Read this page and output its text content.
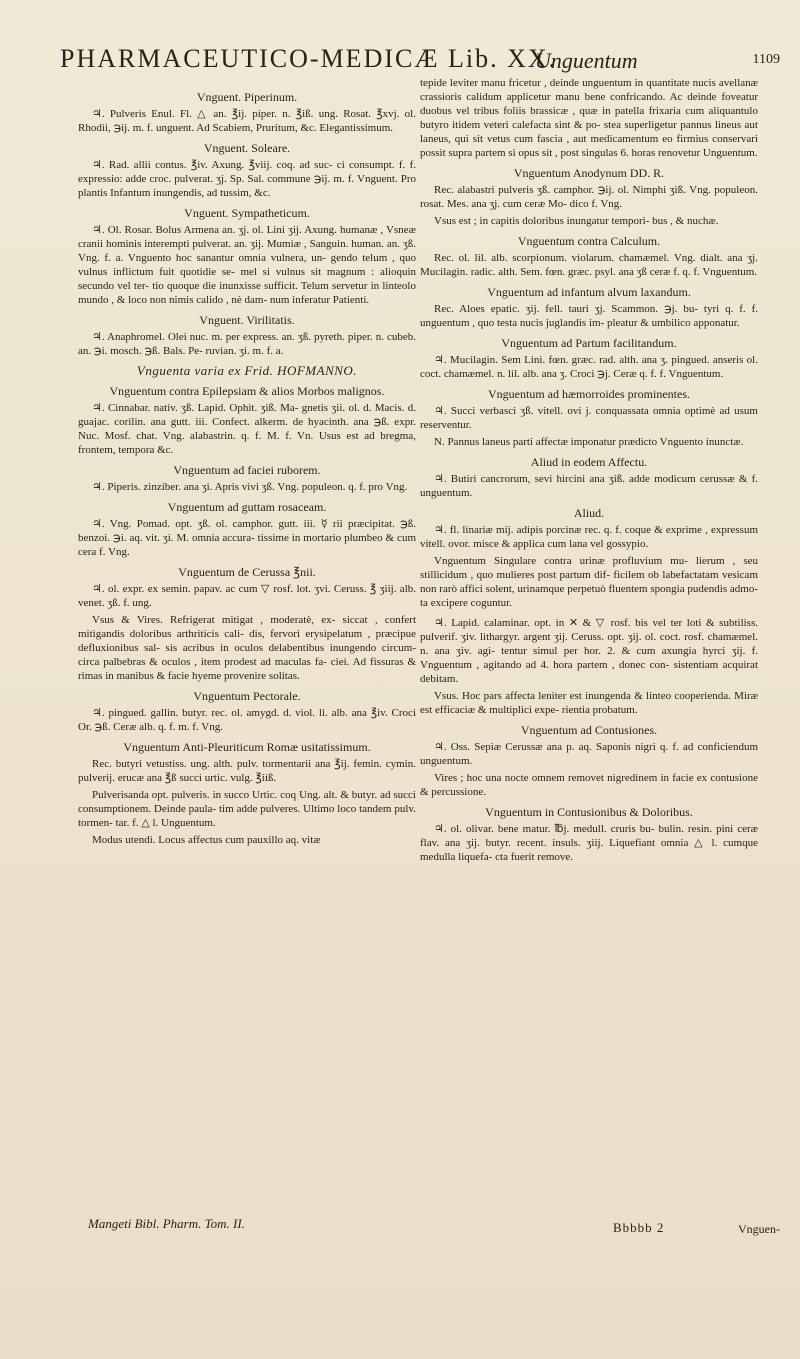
PHARMACEUTICO-MEDICÆ Lib. XX.
Unguentum	1109
Vnguent. Piperinum.

♃. Pulveris Enul. Fl. △ an. ℥ij. piper. n. ℥iß. ung. Rosat. ℥xvj. ol. Rhodii, ℈ij. m. f. unguent. Ad Scabiem, Pruritum, &c. Elegantissimum.

Vnguent. Soleare.

♃. Rad. allii contus. ℥iv. Axung. ℥viij. coq. ad suc- ci consumpt. f. f. expressio: adde croc. pulverat. ʒj. Sp. Sal. commune ℈ij. m. f. Vnguent. Pro plantis Infantum inungendis, ad tussim, &c.

Vnguent. Sympatheticum.

♃. Ol. Rosar. Bolus Armena an. ʒj. ol. Lini ʒij. Axung. humanæ , Vsneæ cranii hominis interempti pulverat. an. ʒij. Mumiæ , Sanguin. human. an. ʒß. Vng. f. a. Vnguento hoc sanantur omnia vulnera, un- gendo telum , quo vulnus inflictum fuit quotidie se- mel si vulnus sit magnum : alioquin secundo vel ter- tio quoque die inunxisse sufficit. Telum servetur in linteolo mundo , & loco non nimis calido , nè dam- num inferatur Patienti.

Vnguent. Virilitatis.

♃. Anaphromel. Olei nuc. m. per express. an. ʒß. pyreth. piper. n. cubeb. an. ℈i. mosch. ℈ß. Bals. Pe- ruvian. ʒi. m. f. a.

Vnguenta varia ex Frid. HOFMANNO.
Vnguentum contra Epilepsiam & alios Morbos malignos.

♃. Cinnabar. nativ. ʒß. Lapid. Ophit. ʒiß. Ma- gnetis ʒii. ol. d. Macis. d. guajac. corilin. ana gutt. iii. Confect. alkerm. de hyacinth. ana ℈ß. expr. Nuc. Mosf. chat. Vng. alabastrin. q. f. M. f. Vn. Usus est ad bregma, frontem, tempora &c.

Vnguentum ad faciei ruborem.

♃. Piperis. zinziber. ana ʒi. Apris vivi ʒß. Vng. populeon. q. f. pro Vng.

Vnguentum ad guttam rosaceam.

♃. Vng. Pomad. opt. ʒß. ol. camphor. gutt. iii. ☿ rii præcipitat. ℈ß. benzoi. ℈i. aq. vit. ʒi. M. omnia accura- tissime in mortario plumbeo & cum cera f. Vng.

Vnguentum de Cerussa ℥nii.

♃. ol. expr. ex semin. papav. ac cum ▽ rosf. lot. ʒvi. Ceruss. ℥ ʒiij. alb. venet. ʒß. f. ung.

Vsus & Vires. Refrigerat mitigat , moderatè, ex- siccat , confert mitigandis doloribus arthriticis cali- dis, fervori erysipelatum , præcipue defluxionibus sal- sis acribus in oculos delabentibus inungendo circum- circa palbebras & oculos , item prodest ad maculas fa- ciei. Ad fissuras & rimas in manibus & facie hyeme provenire solitas.

Vnguentum Pectorale.

♃. pingued. gallin. butyr. rec. ol. amygd. d. viol. li. alb. ana ℥iv. Croci Or. ℈ß. Ceræ alb. q. f. m. f. Vng.

Vnguentum Anti-Pleuriticum Romæ usitatissimum.

Rec. butyri vetustiss. ung. alth. pulv. tormentarii ana ℥ij. femin. cymin. pulverij. erucæ ana ℥ß succi urtic. vulg. ℥iiß.

Pulverisanda opt. pulveris. in succo Urtic. coq Ung. alt. & butyr. ad succi consumptionem. Deinde paula- tim adde pulveres. Ultimo loco tandem pulv. tormen- tar. f. △ l. Unguentum.

Modus utendi. Locus affectus cum pauxillo aq. vitæ

tepide leviter manu fricetur , deinde unguentum in quantitate nucis avellanæ crassioris calidum applicetur manu bene confricando. Ac deinde foveatur duobus vel tribus foliis brassicæ , quæ in patella frixaria cum aliquantulo butyro itidem veteri calefacta sint & po- stea superligetur pannus lineus aut laneus, qui sit vetus cum fascia , aut medicamentum eo firmius conservari possit supra partem si opus sit , post singulas 6. horas renovetur Unguentum.

Vnguentum Anodynum DD. R.

Rec. alabastri pulveris ʒß. camphor. ℈ij. ol. Nimphi ʒiß. Vng. populeon. rosat. Mes. ana ʒj. cum ceræ Mo- dico f. Vng.

Vsus est ; in capitis doloribus inungatur tempori- bus , & nuchæ.

Vnguentum contra Calculum.

Rec. ol. lil. alb. scorpionum. violarum. chamæmel. Vng. dialt. ana ʒj. Mucilagin. radic. alth. Sem. fœn. græc. psyl. ana ʒß ceræ f. q. f. Vnguentum.

Vnguentum ad infantum alvum laxandum.

Rec. Aloes epatic. ʒij. fell. tauri ʒj. Scammon. ℈j. bu- tyri q. f. f. unguentum , quo testa nucis juglandis im- pleatur & umbilico apponatur.

Vnguentum ad Partum facilitandum.

♃. Mucilagin. Sem Lini. fœn. græc. rad. alth. ana ʒ. pingued. anseris ol. coct. chamæmel. n. lil. alb. ana ʒ. Croci ℈j. Ceræ q. f. f. Vnguentum.

Vnguentum ad hæmorroides prominentes.

♃. Succi verbasci ʒß. vitell. ovi j. conquassata omnia optimè ad usum reserventur.

N. Pannus laneus parti affectæ imponatur prædicto Vnguento inunctæ.

Aliud in eodem Affectu.

♃. Butiri cancrorum, sevi hircini ana ʒiß. adde modicum cerussæ & f. unguentum.

Aliud.

♃. fl. linariæ mij. adipis porcinæ rec. q. f. coque & exprime , expressum vitell. ovor. misce & applica cum lana vel gossypio.

Vnguentum Singulare contra urinæ profluvium mu- lierum , seu stillicidum , quo mulieres post partum dif- ficilem ob labefactatam vesicam non rarò affici solent, urinamque perpetuò fluentem spongia pudendis admo- ta excipere coguntur.

♃. Lapid. calaminar. opt. in ✕ & ▽ rosf. bis vel ter loti & subtiliss. pulverif. ʒiv. lithargyr. argent ʒij. Ceruss. opt. ʒij. ol. coct. rosf. chamæmel. n. ana ʒiv. agi- tentur simul per hor. 2. & cum axungia hyrci ʒij. f. Vnguentum , agitando ad 4. hora partem , donec con- sistentiam acquirat debitam.

Vsus. Hoc pars affecta leniter est inungenda & linteo cooperienda. Miræ est efficaciæ & multiplici expe- rientia probatum.

Vnguentum ad Contusiones.

♃. Oss. Sepiæ Cerussæ ana p. aq. Saponis nigri q. f. ad conficiendum unguentum.

Vires ; hoc una nocte omnem removet nigredinem in facie ex contusione & percussione.

Vnguentum in Contusionibus & Doloribus.

♃. ol. olivar. bene matur. ℔j. medull. cruris bu- bulin. resin. pini ceræ flav. ana ʒij. butyr. recent. insuls. ʒiij. Liquefiant omnia △ l. cumque medulla liquefa- cta fuerit remove.

Mangeti Bibl. Pharm. Tom. II.	Bbbbb 2	Vnguen-
